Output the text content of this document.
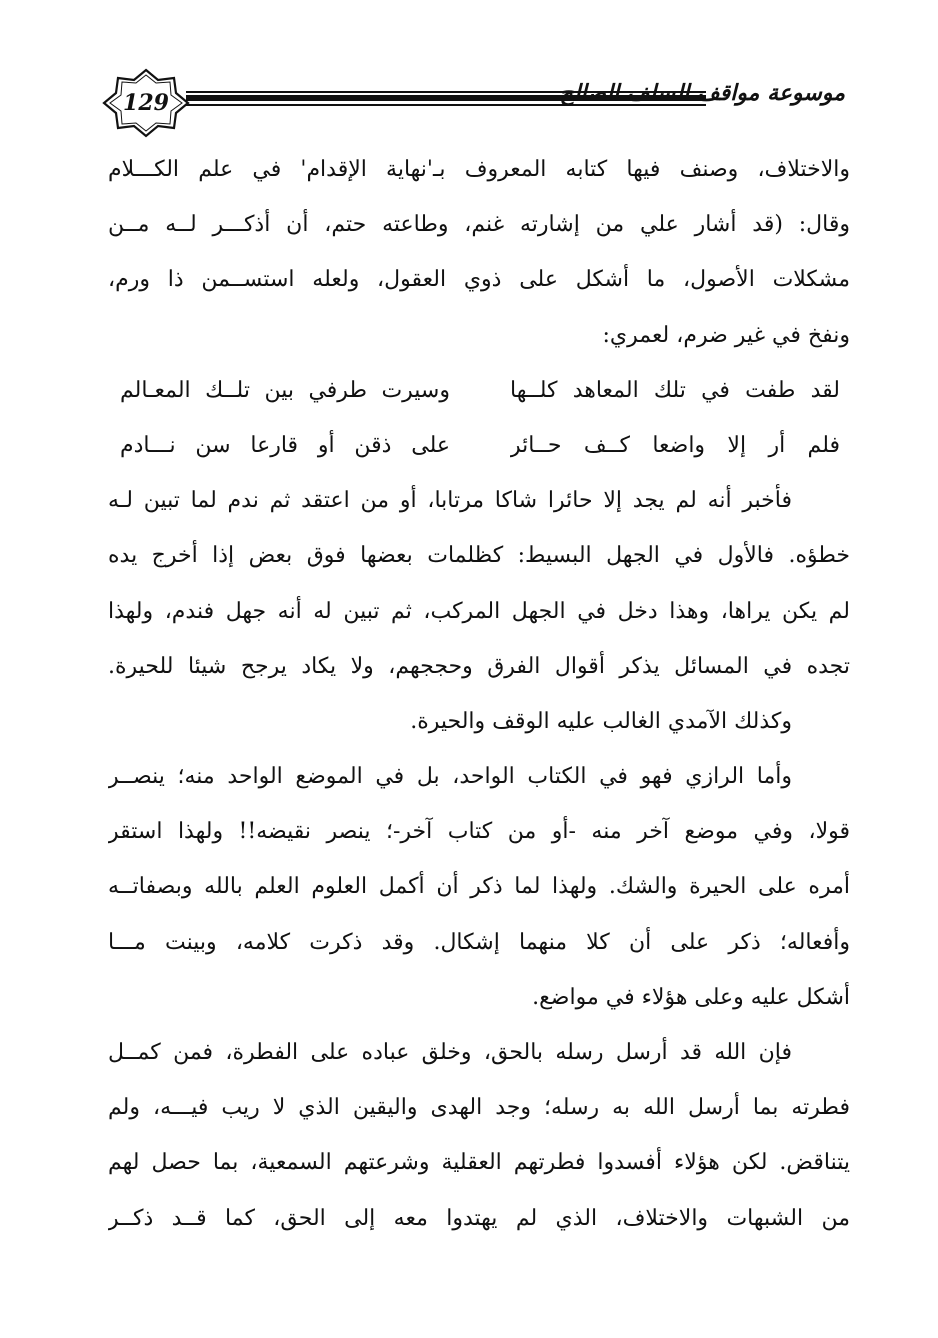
129	موسوعة مواقف السلف الصالح
والاختلاف، وصنف فيها كتابه المعروف بـ'نهاية الإقدام' في علم الكـــلام
وقال: (قد أشار علي من إشارته غنم، وطاعته حتم، أن أذكـــر لــه مــن
مشكلات الأصول، ما أشكل على ذوي العقول، ولعله استســمن ذا ورم،
ونفخ في غير ضرم، لعمري:
لقد طفت في تلك المعاهد كلــها
وسيرت طرفي بين تلــك المعـالم
فلم أر إلا واضعا كــف حــائر
على ذقن أو قارعا سن نـــادم
فأخبر أنه لم يجد إلا حائرا شاكا مرتابا، أو من اعتقد ثم ندم لما تبين لـه
خطؤه. فالأول في الجهل البسيط: كظلمات بعضها فوق بعض إذا أخرج يده
لم يكن يراها، وهذا دخل في الجهل المركب، ثم تبين له أنه جهل فندم، ولهذا
تجده في المسائل يذكر أقوال الفرق وحججهم، ولا يكاد يرجح شيئا للحيرة.
وكذلك الآمدي الغالب عليه الوقف والحيرة.
وأما الرازي فهو في الكتاب الواحد، بل في الموضع الواحد منه؛ ينصــر
قولا، وفي موضع آخر منه -أو من كتاب آخر-؛ ينصر نقيضه!! ولهذا استقر
أمره على الحيرة والشك. ولهذا لما ذكر أن أكمل العلوم العلم بالله وبصفاتــه
وأفعاله؛ ذكر على أن كلا منهما إشكال. وقد ذكرت كلامه، وبينت مـــا
أشكل عليه وعلى هؤلاء في مواضع.
فإن الله قد أرسل رسله بالحق، وخلق عباده على الفطرة، فمن كمــل
فطرته بما أرسل الله به رسله؛ وجد الهدى واليقين الذي لا ريب فيـــه، ولم
يتناقض. لكن هؤلاء أفسدوا فطرتهم العقلية وشرعتهم السمعية، بما حصل لهم
من الشبهات والاختلاف، الذي لم يهتدوا معه إلى الحق، كما قــد ذكــر
